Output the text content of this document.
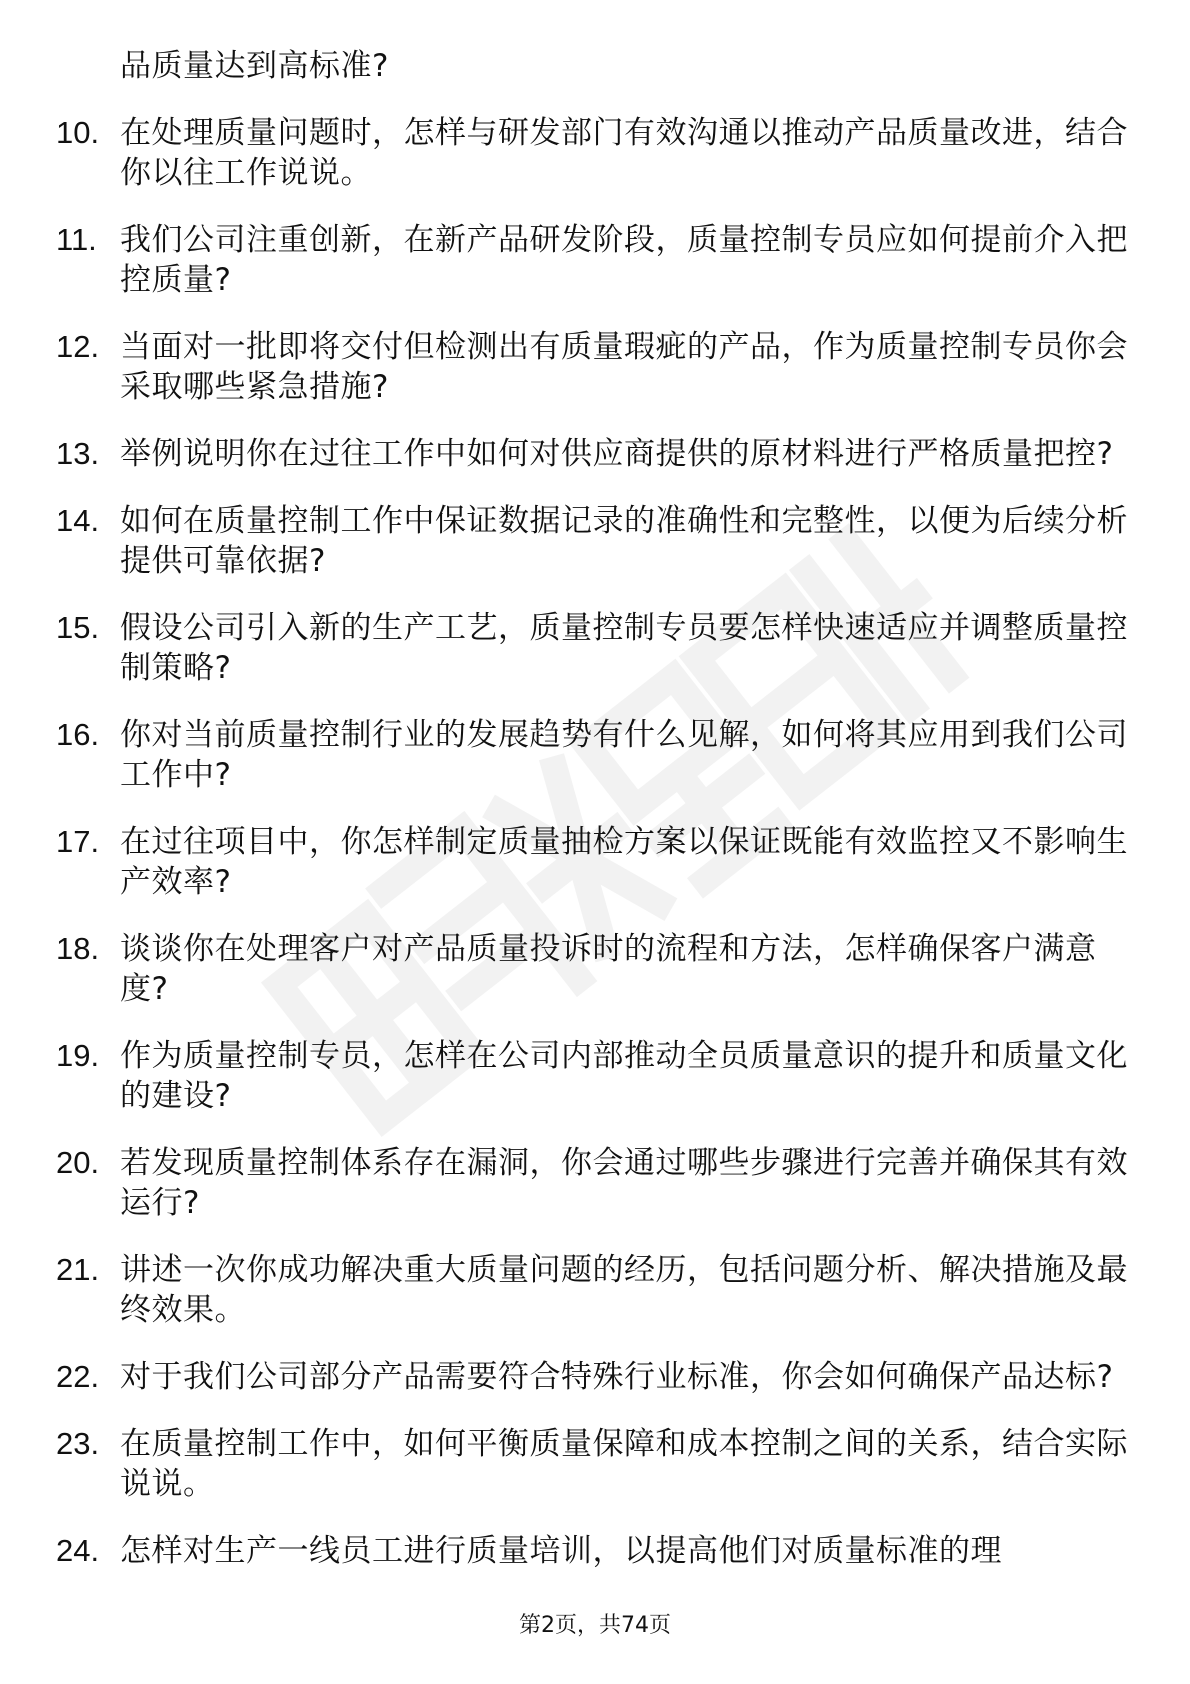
品质量达到高标准?

10. 在处理质量问题时，怎样与研发部门有效沟通以推动产品质量改进，结合你以往工作说说。
11. 我们公司注重创新，在新产品研发阶段，质量控制专员应如何提前介入把控质量?
12. 当面对一批即将交付但检测出有质量瑕疵的产品，作为质量控制专员你会采取哪些紧急措施?
13. 举例说明你在过往工作中如何对供应商提供的原材料进行严格质量把控?
14. 如何在质量控制工作中保证数据记录的准确性和完整性，以便为后续分析提供可靠依据?
15. 假设公司引入新的生产工艺，质量控制专员要怎样快速适应并调整质量控制策略?
16. 你对当前质量控制行业的发展趋势有什么见解，如何将其应用到我们公司工作中?
17. 在过往项目中，你怎样制定质量抽检方案以保证既能有效监控又不影响生产效率?
18. 谈谈你在处理客户对产品质量投诉时的流程和方法，怎样确保客户满意度?
19. 作为质量控制专员，怎样在公司内部推动全员质量意识的提升和质量文化的建设?
20. 若发现质量控制体系存在漏洞，你会通过哪些步骤进行完善并确保其有效运行?
21. 讲述一次你成功解决重大质量问题的经历，包括问题分析、解决措施及最终效果。
22. 对于我们公司部分产品需要符合特殊行业标准，你会如何确保产品达标?
23. 在质量控制工作中，如何平衡质量保障和成本控制之间的关系，结合实际说说。
24. 怎样对生产一线员工进行质量培训，以提高他们对质量标准的理
第2页，共74页
